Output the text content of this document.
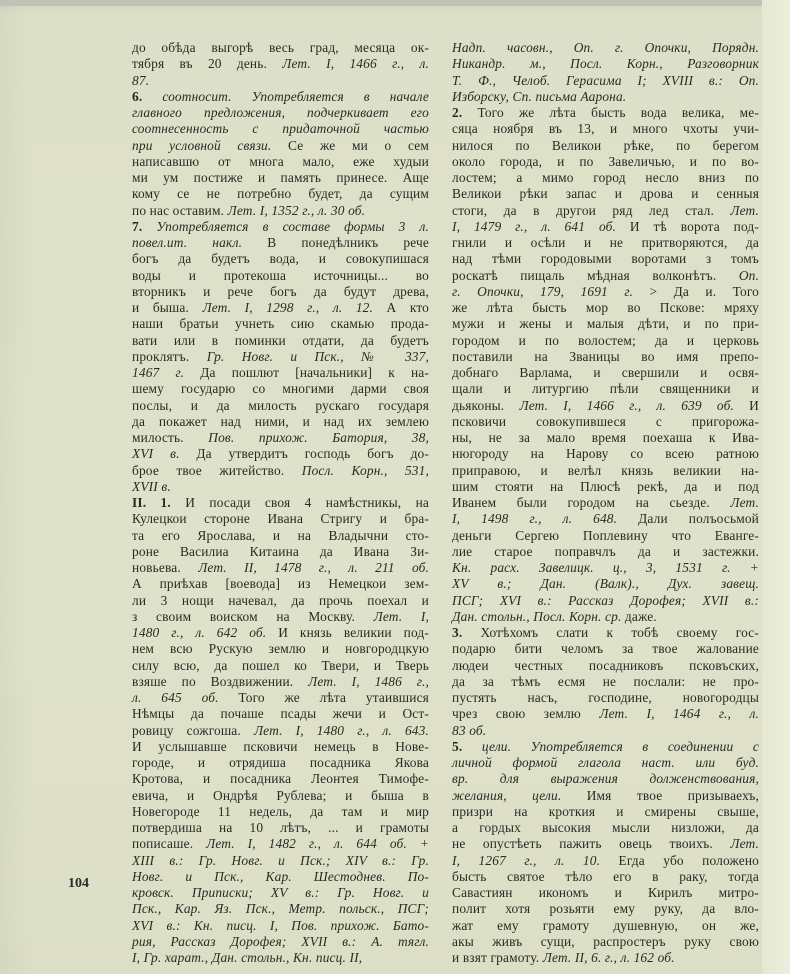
до обѣда выгорѣ весь град, месяца ок-
тября въ 20 день. Лет. I, 1466 г., л.
87.
6. соотносит. Употребляется в начале
главного предложения, подчеркивает его
соотнесенность с придаточной частью
при условной связи. Се же ми о сем
написавшю от многа мало, еже худыи
ми ум постиже и память принесе. Аще
кому се не потребно будет, да сущим
по нас оставим. Лет. I, 1352 г., л. 30 об.
7. Употребляется в составе формы 3 л.
повел.ит. накл. В понедѣлникъ рече
богъ да будетъ вода, и совокупишася
воды и протекоша источницы... во
вторникъ и рече богъ да будут древа,
и быша. Лет. I, 1298 г., л. 12. А кто
наши братьи учнеть сию скамью прода-
вати или в поминки отдати, да будетъ
проклятъ. Гр. Новг. и Пск., № 337,
1467 г. Да пошлют [начальники] к на-
шему государю со многими дарми своя
послы, и да милость рускаго государя
да покажет над ними, и над их землею
милость. Пов. прихож. Батория, 38,
XVI в. Да утвердитъ господь богъ до-
брое твое житейство. Посл. Корн., 531,
XVII в.
II. 1. И посади своя 4 намѣстникы, на
Кулецкои стороне Ивана Стригу и бра-
та его Ярослава, и на Владычни сто-
роне Василиа Китаина да Ивана Зи-
новьева. Лет. II, 1478 г., л. 211 об.
А приѣхав [воевода] из Немецкои зем-
ли 3 нощи начевал, да прочь поехал и
з своим воиском на Москву. Лет. I,
1480 г., л. 642 об. И князь великии под-
нем всю Рускую землю и новгородцкую
силу всю, да пошел ко Твери, и Тверь
взяше по Воздвижении. Лет. I, 1486 г.,
л. 645 об. Того же лѣта утаившися
Нѣмцы да почаше псады жечи и Ост-
ровицу сожгоша. Лет. I, 1480 г., л. 643.
И услышавше псковичи немець в Нове-
городе, и отрядиша посадника Якова
Кротова, и посадника Леонтея Тимофе-
евича, и Ондрѣя Рублева; и быша в
Новегороде 11 недель, да там и мир
потвердиша на 10 лѣтъ, ... и грамоты
пописаше. Лет. I, 1482 г., л. 644 об. +
XIII в.: Гр. Новг. и Пск.; XIV в.: Гр.
Новг. и Пск., Кар. Шестоднев. По-
кровск. Приписки; XV в.: Гр. Новг. и
Пск., Кар. Яз. Пск., Метр. польск., ПСГ;
XVI в.: Кн. писц. I, Пов. прихож. Бато-
рия, Рассказ Дорофея; XVII в.: А. тягл.
I, Гр. харат., Дан. стольн., Кн. писц. II,
Надп. часовн., Оп. г. Опочки, Порядн.
Никандр. м., Посл. Корн., Разговорник
Т. Ф., Челоб. Герасима I; XVIII в.: Оп.
Изборску, Сп. письма Аарона.
2. Того же лѣта бысть вода велика, ме-
сяца ноября въ 13, и много чхоты учи-
нилося по Великои рѣке, по берегом
около города, и по Завеличью, и по во-
лостем; а мимо город несло вниз по
Великои рѣки запас и дрова и сенныя
стоги, да в другои ряд лед стал. Лет.
I, 1479 г., л. 641 об. И тѣ ворота под-
гнили и осѣли и не притворяются, да
над тѣми городовыми воротами з томъ
роскатѣ пищаль мѣдная волконѣтъ. Оп.
г. Опочки, 179, 1691 г. > Да и. Того
же лѣта бысть мор во Пскове: мряху
мужи и жены и малыя дѣти, и по при-
городом и по волостем; да и церковь
поставили на Званицы во имя препо-
добнаго Варлама, и свершили и освя-
щали и литургию пѣли священники и
дьяконы. Лет. I, 1466 г., л. 639 об. И
псковичи совокупившеся с пригорожа-
ны, не за мало время поехаша к Ива-
нюгороду на Нарову со всею ратною
приправою, и велѣл князь великии на-
шим стояти на Плюсѣ рекѣ, да и под
Иванем были городом на сьезде. Лет.
I, 1498 г., л. 648. Дали полъосьмой
деньги Сергею Поплевину что Еванге-
лие старое поправчлъ да и застежки.
Кн. расх. Завелицк. ц., 3, 1531 г. +
XV в.; Дан. (Валк)., Дух. завещ.
ПСГ; XVI в.: Рассказ Дорофея; XVII в.:
Дан. стольн., Посл. Корн. ср. даже.
3. Хотѣхомъ слати к тобѣ своему гос-
подарю бити челомъ за твое жалование
людеи честных посадниковъ псковъских,
да за тѣмъ есмя не послали: не про-
пустять насъ, господине, новогородцы
чрез свою землю Лет. I, 1464 г., л.
83 об.
5. цели. Употребляется в соединении с
личной формой глагола наст. или буд.
вр. для выражения долженствования,
желания, цели. Имя твое призываехъ,
призри на кроткия и смирены свыше,
а гордых высокия мысли низложи, да
не опустѣеть пажить овець твоихъ. Лет.
I, 1267 г., л. 10. Егда убо положено
бысть святое тѣло его в раку, тогда
Савастиян икономъ и Кирилъ митро-
полит хотя розьяти ему руку, да вло-
жат ему грамоту душевную, он же,
акы живъ сущи, распростеръ руку свою
и взят грамоту. Лет. II, 6. г., л. 162 об.
104
